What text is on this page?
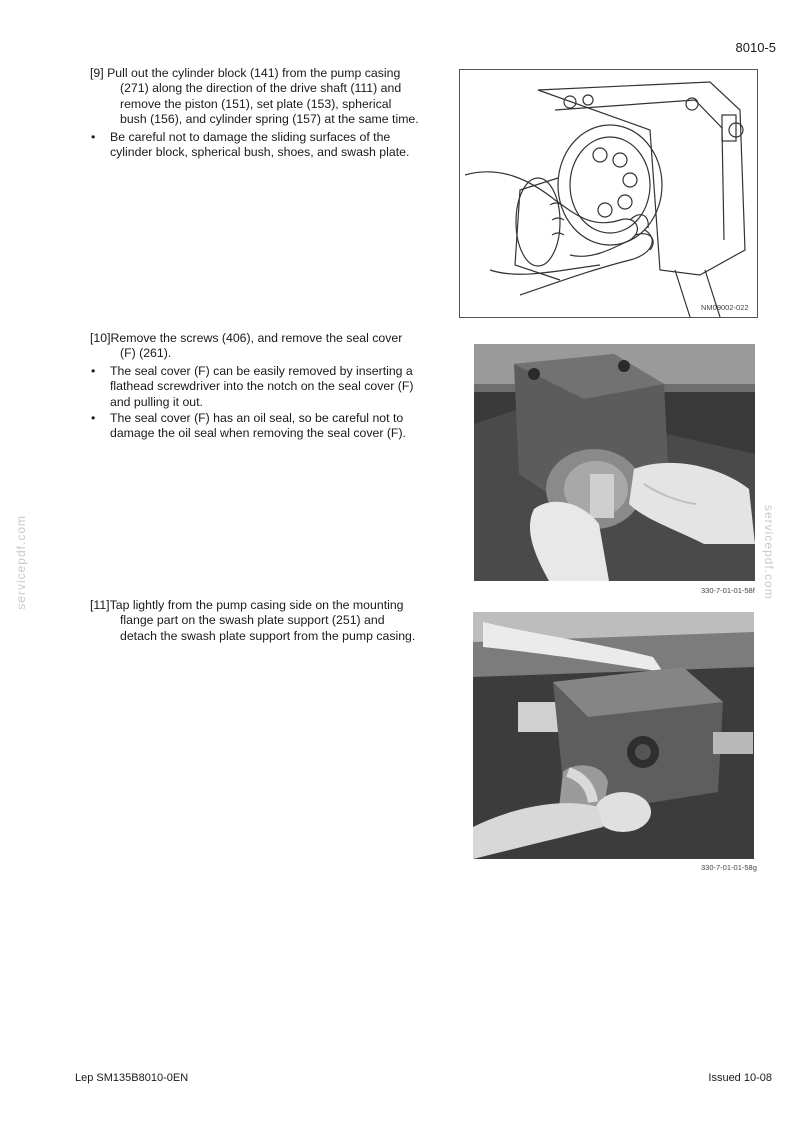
8010-5

[9] Pull out the cylinder block (141) from the pump casing (271) along the direction of the drive shaft (111) and remove the piston (151), set plate (153), spherical bush (156), and cylinder spring (157) at the same time.

• Be careful not to damage the sliding surfaces of the cylinder block, spherical bush, shoes, and swash plate.

[10]Remove the screws (406), and remove the seal cover (F) (261).

• The seal cover (F) can be easily removed by inserting a flathead screwdriver into the notch on the seal cover (F) and pulling it out.
• The seal cover (F) has an oil seal, so be careful not to damage the oil seal when removing the seal cover (F).

[11]Tap lightly from the pump casing side on the mounting flange part on the swash plate support (251) and detach the swash plate support from the pump casing.

NM09002-022
330-7-01-01-58f
330-7-01-01-58g
servicepdf.com	servicepdf.com
Lep SM135B8010-0EN	Issued 10-08
